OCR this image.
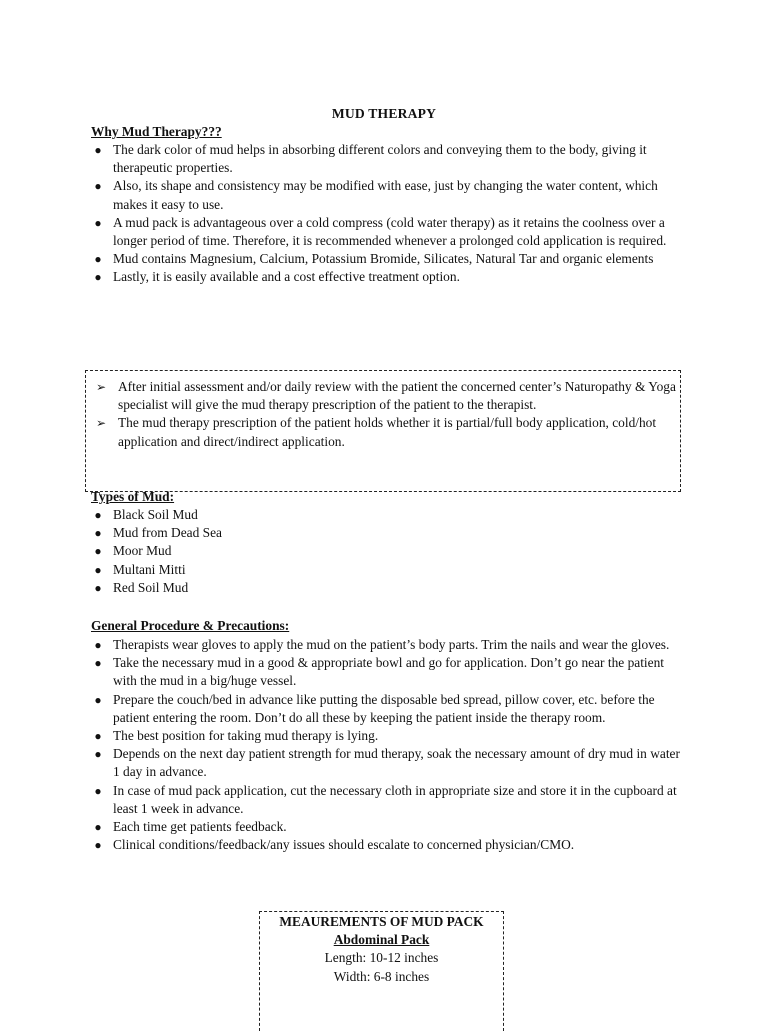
MUD THERAPY
Why Mud Therapy???
● The dark color of mud helps in absorbing different colors and conveying them to the body, giving it therapeutic properties.
● Also, its shape and consistency may be modified with ease, just by changing the water content, which makes it easy to use.
● A mud pack is advantageous over a cold compress (cold water therapy) as it retains the coolness over a longer period of time. Therefore, it is recommended whenever a prolonged cold application is required.
● Mud contains Magnesium, Calcium, Potassium Bromide, Silicates, Natural Tar and organic elements
● Lastly, it is easily available and a cost effective treatment option.
➢ After initial assessment and/or daily review with the patient the concerned center’s Naturopathy & Yoga specialist will give the mud therapy prescription of the patient to the therapist.
➢ The mud therapy prescription of the patient holds whether it is partial/full body application, cold/hot application and direct/indirect application.
Types of Mud:
● Black Soil Mud
● Mud from Dead Sea
● Moor Mud
● Multani Mitti
● Red Soil Mud
General Procedure & Precautions:
● Therapists wear gloves to apply the mud on the patient’s body parts. Trim the nails and wear the gloves.
● Take the necessary mud in a good & appropriate bowl and go for application. Don’t go near the patient with the mud in a big/huge vessel.
● Prepare the couch/bed in advance like putting the disposable bed spread, pillow cover, etc. before the patient entering the room. Don’t do all these by keeping the patient inside the therapy room.
● The best position for taking mud therapy is lying.
● Depends on the next day patient strength for mud therapy, soak the necessary amount of dry mud in water 1 day in advance.
● In case of mud pack application, cut the necessary cloth in appropriate size and store it in the cupboard at least 1 week in advance.
● Each time get patients feedback.
● Clinical conditions/feedback/any issues should escalate to concerned physician/CMO.
MEAUREMENTS OF MUD PACK
Abdominal Pack
Length: 10-12 inches
Width: 6-8 inches
